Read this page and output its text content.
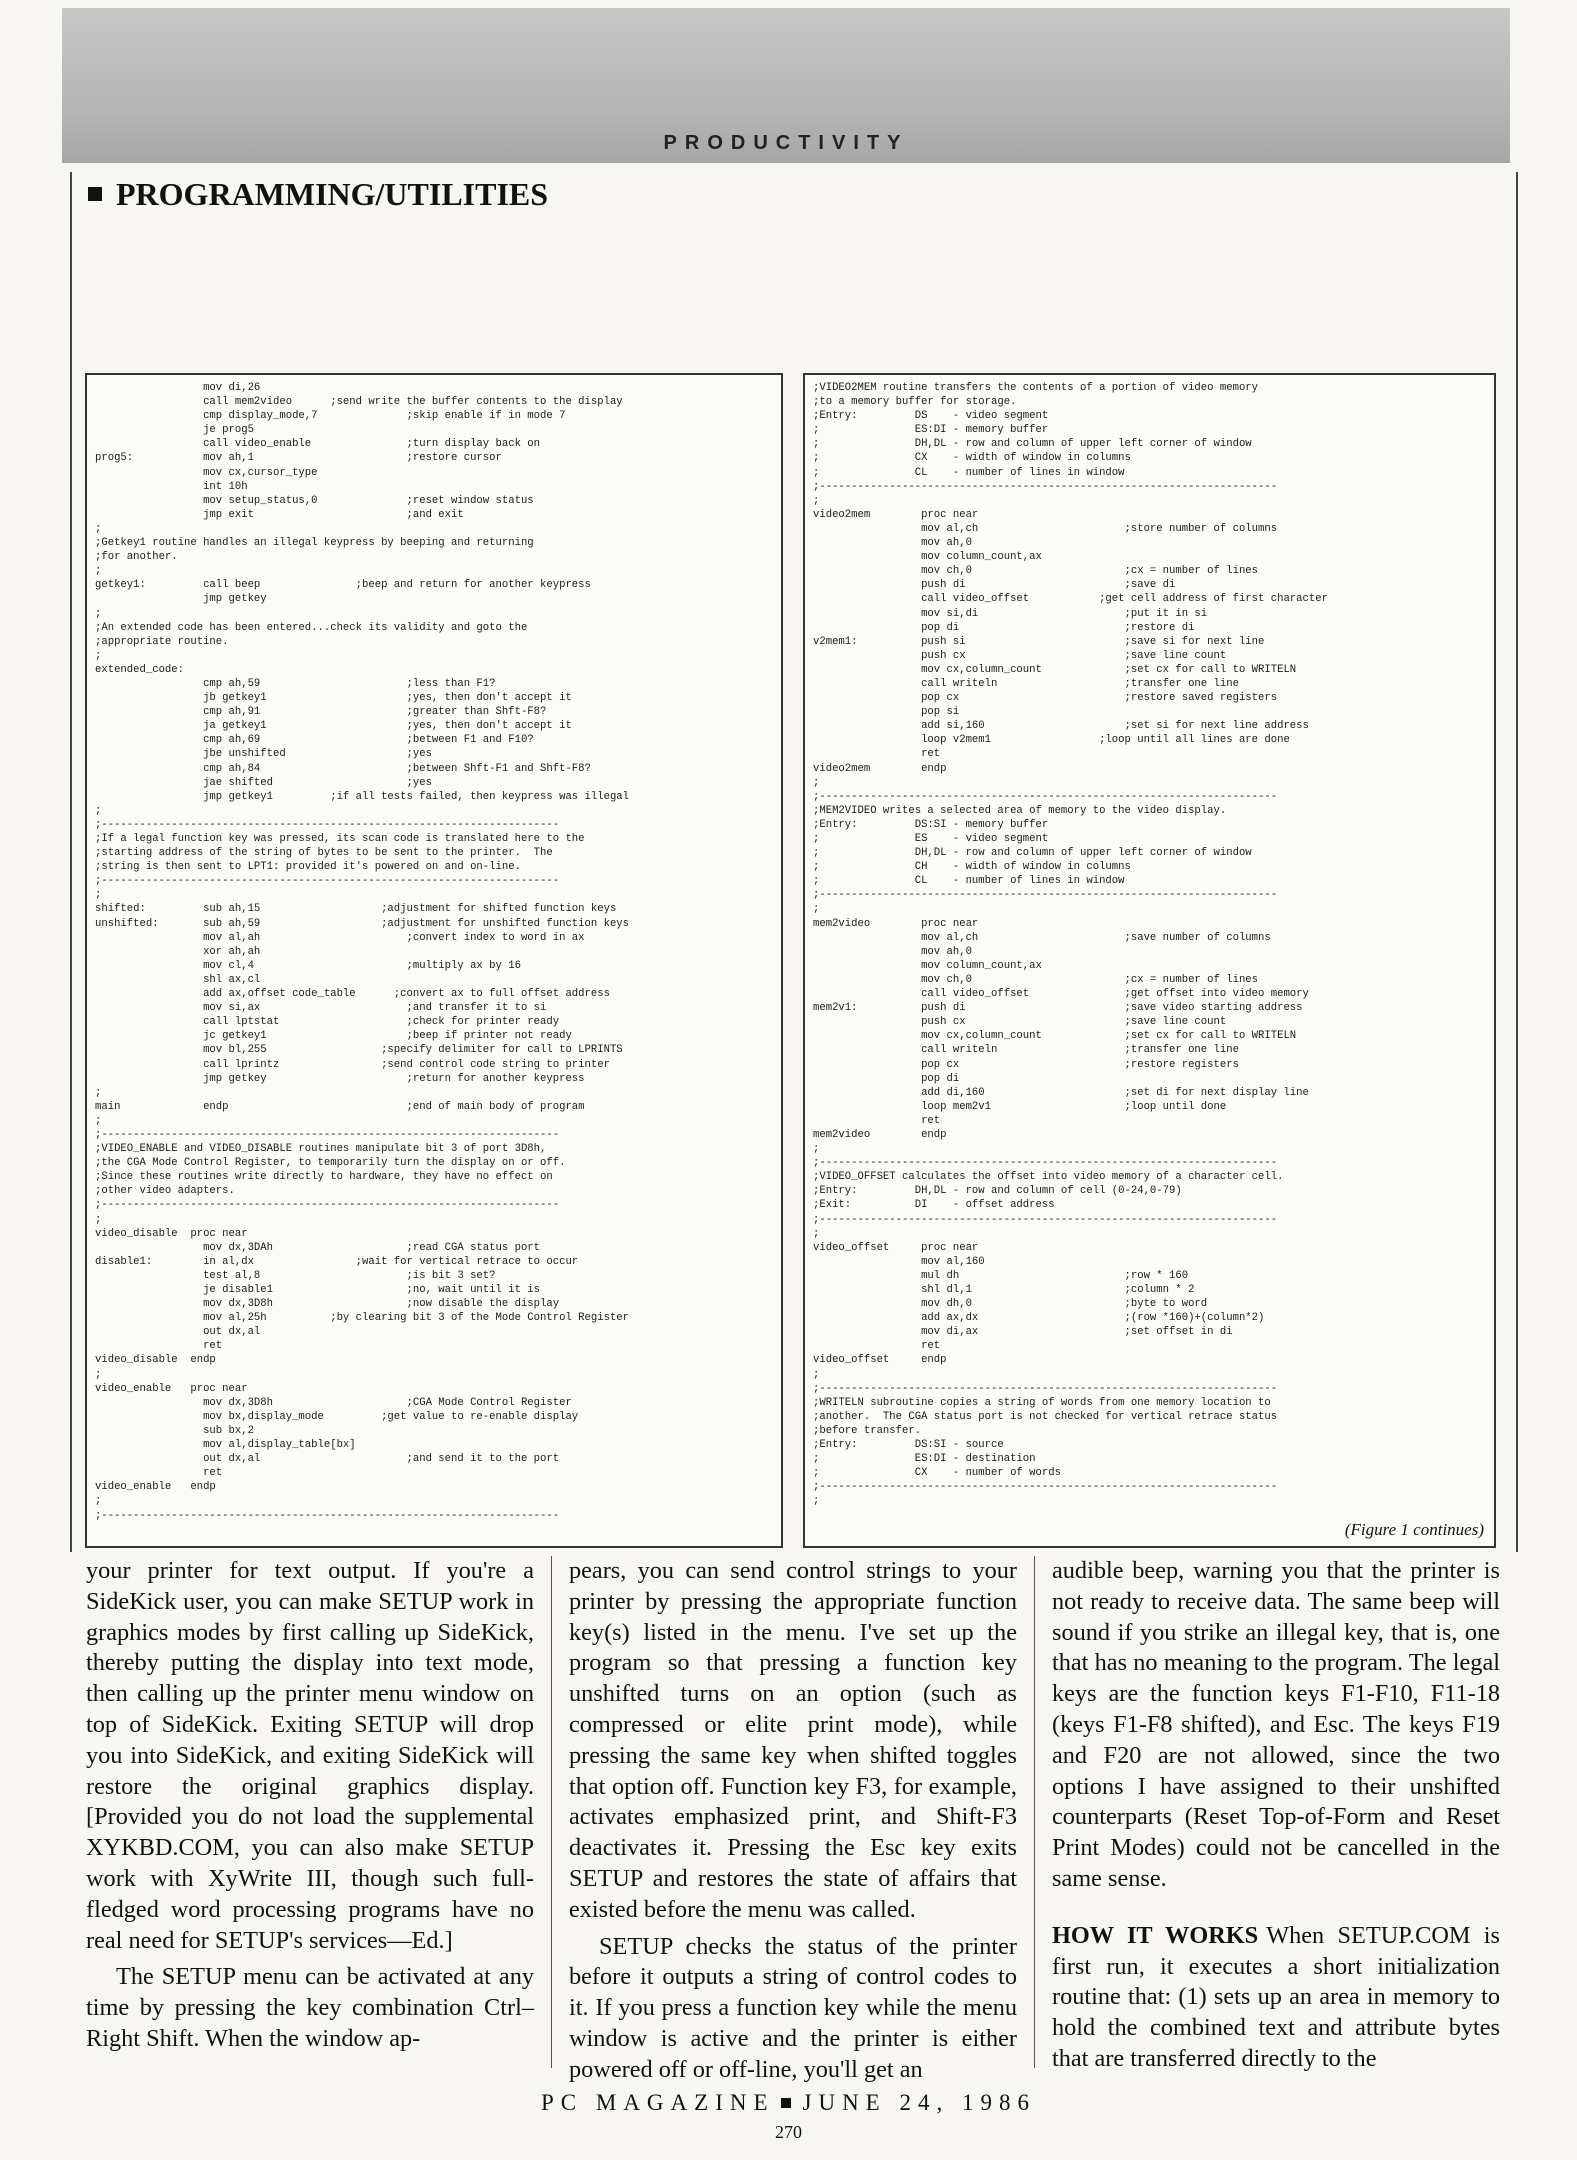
PRODUCTIVITY
PROGRAMMING/UTILITIES
mov di,26
call mem2video      ;send write the buffer contents to the display
cmp display_mode,7              ;skip enable if in mode 7
je prog5
call video_enable               ;turn display back on
prog5:           mov ah,1                        ;restore cursor
mov cx,cursor_type
int 10h
mov setup_status,0              ;reset window status
jmp exit                        ;and exit
;
;Getkey1 routine handles an illegal keypress by beeping and returning
;for another.
;
getkey1:         call beep               ;beep and return for another keypress
jmp getkey
;
;An extended code has been entered...check its validity and goto the
;appropriate routine.
;
extended_code:
cmp ah,59                       ;less than F1?
jb getkey1                      ;yes, then don't accept it
cmp ah,91                       ;greater than Shft-F8?
ja getkey1                      ;yes, then don't accept it
cmp ah,69                       ;between F1 and F10?
jbe unshifted                   ;yes
cmp ah,84                       ;between Shft-F1 and Shft-F8?
jae shifted                     ;yes
jmp getkey1         ;if all tests failed, then keypress was illegal
;
;------------------------------------------------------------------------
;If a legal function key was pressed, its scan code is translated here to the
;starting address of the string of bytes to be sent to the printer.  The
;string is then sent to LPT1: provided it's powered on and on-line.
;------------------------------------------------------------------------
;
shifted:         sub ah,15                   ;adjustment for shifted function keys
unshifted:       sub ah,59                   ;adjustment for unshifted function keys
mov al,ah                       ;convert index to word in ax
xor ah,ah
mov cl,4                        ;multiply ax by 16
shl ax,cl
add ax,offset code_table      ;convert ax to full offset address
mov si,ax                       ;and transfer it to si
call lptstat                    ;check for printer ready
jc getkey1                      ;beep if printer not ready
mov bl,255                  ;specify delimiter for call to LPRINTS
call lprintz                ;send control code string to printer
jmp getkey                      ;return for another keypress
;
main             endp                            ;end of main body of program
;
;------------------------------------------------------------------------
;VIDEO_ENABLE and VIDEO_DISABLE routines manipulate bit 3 of port 3D8h,
;the CGA Mode Control Register, to temporarily turn the display on or off.
;Since these routines write directly to hardware, they have no effect on
;other video adapters.
;------------------------------------------------------------------------
;
video_disable  proc near
mov dx,3DAh                     ;read CGA status port
disable1:        in al,dx                ;wait for vertical retrace to occur
test al,8                       ;is bit 3 set?
je disable1                     ;no, wait until it is
mov dx,3D8h                     ;now disable the display
mov al,25h          ;by clearing bit 3 of the Mode Control Register
out dx,al
ret
video_disable  endp
;
video_enable   proc near
mov dx,3D8h                     ;CGA Mode Control Register
mov bx,display_mode         ;get value to re-enable display
sub bx,2
mov al,display_table[bx]
out dx,al                       ;and send it to the port
ret
video_enable   endp
;
;------------------------------------------------------------------------
;VIDEO2MEM routine transfers the contents of a portion of video memory
;to a memory buffer for storage.
;Entry:         DS    - video segment
;               ES:DI - memory buffer
;               DH,DL - row and column of upper left corner of window
;               CX    - width of window in columns
;               CL    - number of lines in window
;------------------------------------------------------------------------
;
video2mem        proc near
mov al,ch                       ;store number of columns
mov ah,0
mov column_count,ax
mov ch,0                        ;cx = number of lines
push di                         ;save di
call video_offset           ;get cell address of first character
mov si,di                       ;put it in si
pop di                          ;restore di
v2mem1:          push si                         ;save si for next line
push cx                         ;save line count
mov cx,column_count             ;set cx for call to WRITELN
call writeln                    ;transfer one line
pop cx                          ;restore saved registers
pop si
add si,160                      ;set si for next line address
loop v2mem1                 ;loop until all lines are done
ret
video2mem        endp
;
;------------------------------------------------------------------------
;MEM2VIDEO writes a selected area of memory to the video display.
;Entry:         DS:SI - memory buffer
;               ES    - video segment
;               DH,DL - row and column of upper left corner of window
;               CH    - width of window in columns
;               CL    - number of lines in window
;------------------------------------------------------------------------
;
mem2video        proc near
mov al,ch                       ;save number of columns
mov ah,0
mov column_count,ax
mov ch,0                        ;cx = number of lines
call video_offset               ;get offset into video memory
mem2v1:          push di                         ;save video starting address
push cx                         ;save line count
mov cx,column_count             ;set cx for call to WRITELN
call writeln                    ;transfer one line
pop cx                          ;restore registers
pop di
add di,160                      ;set di for next display line
loop mem2v1                     ;loop until done
ret
mem2video        endp
;
;------------------------------------------------------------------------
;VIDEO_OFFSET calculates the offset into video memory of a character cell.
;Entry:         DH,DL - row and column of cell (0-24,0-79)
;Exit:          DI    - offset address
;------------------------------------------------------------------------
;
video_offset     proc near
mov al,160
mul dh                          ;row * 160
shl dl,1                        ;column * 2
mov dh,0                        ;byte to word
add ax,dx                       ;(row *160)+(column*2)
mov di,ax                       ;set offset in di
ret
video_offset     endp
;
;------------------------------------------------------------------------
;WRITELN subroutine copies a string of words from one memory location to
;another.  The CGA status port is not checked for vertical retrace status
;before transfer.
;Entry:         DS:SI - source
;               ES:DI - destination
;               CX    - number of words
;------------------------------------------------------------------------
;
(Figure 1 continues)

your printer for text output. If you're a SideKick user, you can make SETUP work in graphics modes by first calling up SideKick, thereby putting the display into text mode, then calling up the printer menu window on top of SideKick. Exiting SETUP will drop you into SideKick, and exiting SideKick will restore the original graphics display. [Provided you do not load the supplemental XYKBD.COM, you can also make SETUP work with XyWrite III, though such full-fledged word processing programs have no real need for SETUP's services—Ed.]

The SETUP menu can be activated at any time by pressing the key combination Ctrl–Right Shift. When the window ap-

pears, you can send control strings to your printer by pressing the appropriate function key(s) listed in the menu. I've set up the program so that pressing a function key unshifted turns on an option (such as compressed or elite print mode), while pressing the same key when shifted toggles that option off. Function key F3, for example, activates emphasized print, and Shift-F3 deactivates it. Pressing the Esc key exits SETUP and restores the state of affairs that existed before the menu was called.

SETUP checks the status of the printer before it outputs a string of control codes to it. If you press a function key while the menu window is active and the printer is either powered off or off-line, you'll get an

audible beep, warning you that the printer is not ready to receive data. The same beep will sound if you strike an illegal key, that is, one that has no meaning to the program. The legal keys are the function keys F1-F10, F11-18 (keys F1-F8 shifted), and Esc. The keys F19 and F20 are not allowed, since the two options I have assigned to their unshifted counterparts (Reset Top-of-Form and Reset Print Modes) could not be cancelled in the same sense.

HOW IT WORKS When SETUP.COM is first run, it executes a short initialization routine that: (1) sets up an area in memory to hold the combined text and attribute bytes that are transferred directly to the

PC MAGAZINE JUNE 24, 1986
270
